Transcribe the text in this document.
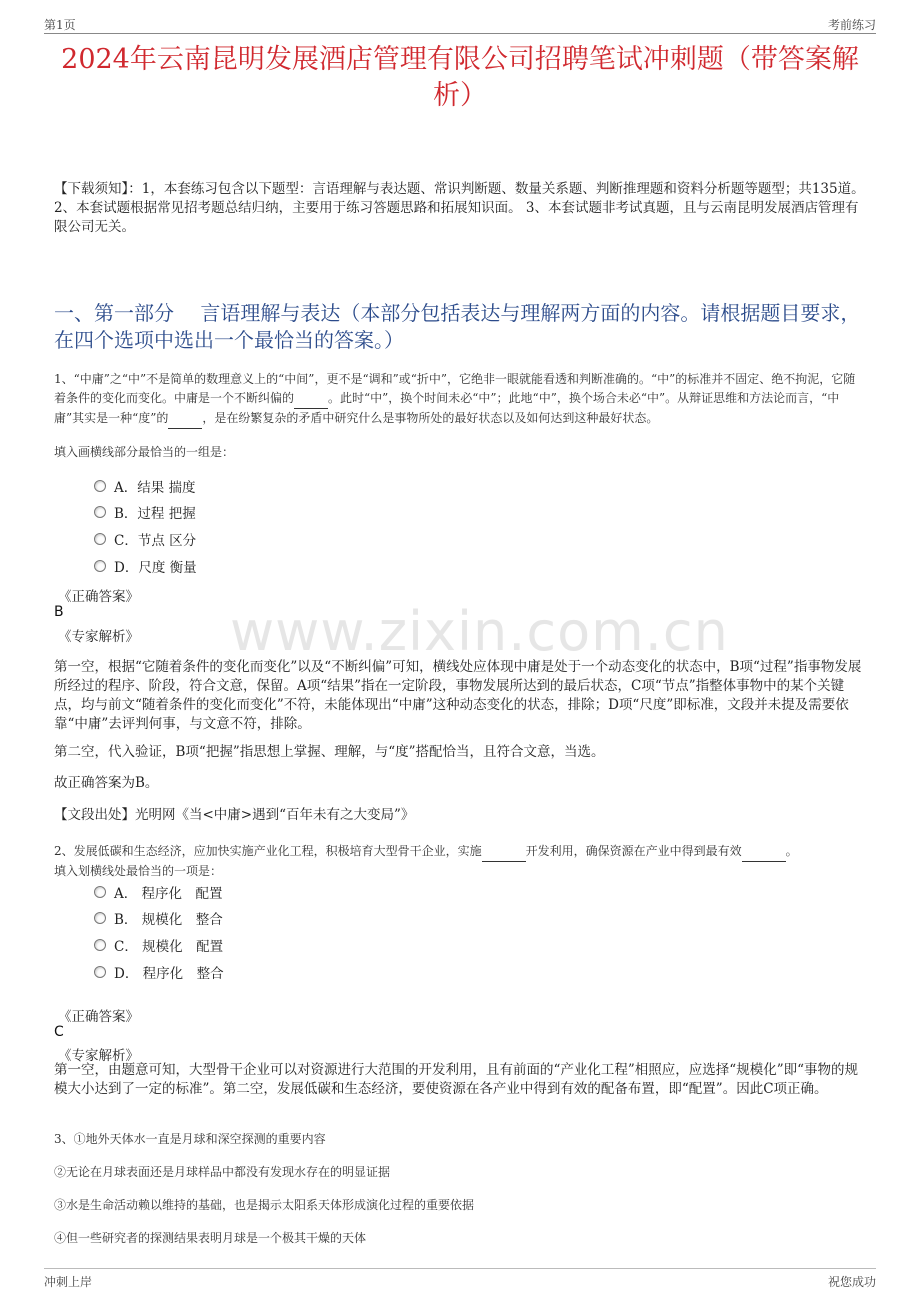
第1页	考前练习
2024年云南昆明发展酒店管理有限公司招聘笔试冲刺题（带答案解析）
【下载须知】：1，本套练习包含以下题型：言语理解与表达题、常识判断题、数量关系题、判断推理题和资料分析题等题型；共135道。 2、本套试题根据常见招考题总结归纳，主要用于练习答题思路和拓展知识面。 3、本套试题非考试真题，且与云南昆明发展酒店管理有限公司无关。
一、第一部分　 言语理解与表达（本部分包括表达与理解两方面的内容。请根据题目要求，在四个选项中选出一个最恰当的答案。）
1、“中庸”之“中”不是简单的数理意义上的“中间”，更不是“调和”或“折中”，它绝非一眼就能看透和判断准确的。“中”的标准并不固定、绝不拘泥，它随着条件的变化而变化。中庸是一个不断纠偏的	。此时“中”，换个时间未必“中”；此地“中”，换个场合未必“中”。从辩证思维和方法论而言，“中庸”其实是一种“度”的	，是在纷繁复杂的矛盾中研究什么是事物所处的最好状态以及如何达到这种最好状态。
填入画横线部分最恰当的一组是：
A．结果 揣度
B．过程 把握
C．节点 区分
D．尺度 衡量
《正确答案》
B
《专家解析》 www.zixin.com.cn
第一空，根据“它随着条件的变化而变化”以及“不断纠偏”可知，横线处应体现中庸是处于一个动态变化的状态中，B项“过程”指事物发展所经过的程序、阶段，符合文意，保留。A项“结果”指在一定阶段，事物发展所达到的最后状态，C项“节点”指整体事物中的某个关键点，均与前文“随着条件的变化而变化”不符，未能体现出“中庸”这种动态变化的状态，排除；D项“尺度”即标准，文段并未提及需要依靠“中庸”去评判何事，与文意不符，排除。
第二空，代入验证，B项“把握”指思想上掌握、理解，与“度”搭配恰当，且符合文意，当选。
故正确答案为B。
【文段出处】光明网《当<中庸>遇到“百年未有之大变局”》
2、发展低碳和生态经济，应加快实施产业化工程，积极培育大型骨干企业，实施	开发利用，确保资源在产业中得到最有效	。
填入划横线处最恰当的一项是：
A． 程序化　配置
B． 规模化　整合
C． 规模化　配置
D． 程序化　整合
《正确答案》
C
《专家解析》
第一空，由题意可知，大型骨干企业可以对资源进行大范围的开发利用，且有前面的“产业化工程”相照应，应选择“规模化”即“事物的规模大小达到了一定的标准”。第二空，发展低碳和生态经济，要使资源在各产业中得到有效的配备布置，即“配置”。因此C项正确。
3、①地外天体水一直是月球和深空探测的重要内容
②无论在月球表面还是月球样品中都没有发现水存在的明显证据
③水是生命活动赖以维持的基础，也是揭示太阳系天体形成演化过程的重要依据
④但一些研究者的探测结果表明月球是一个极其干燥的天体
冲刺上岸	祝您成功
